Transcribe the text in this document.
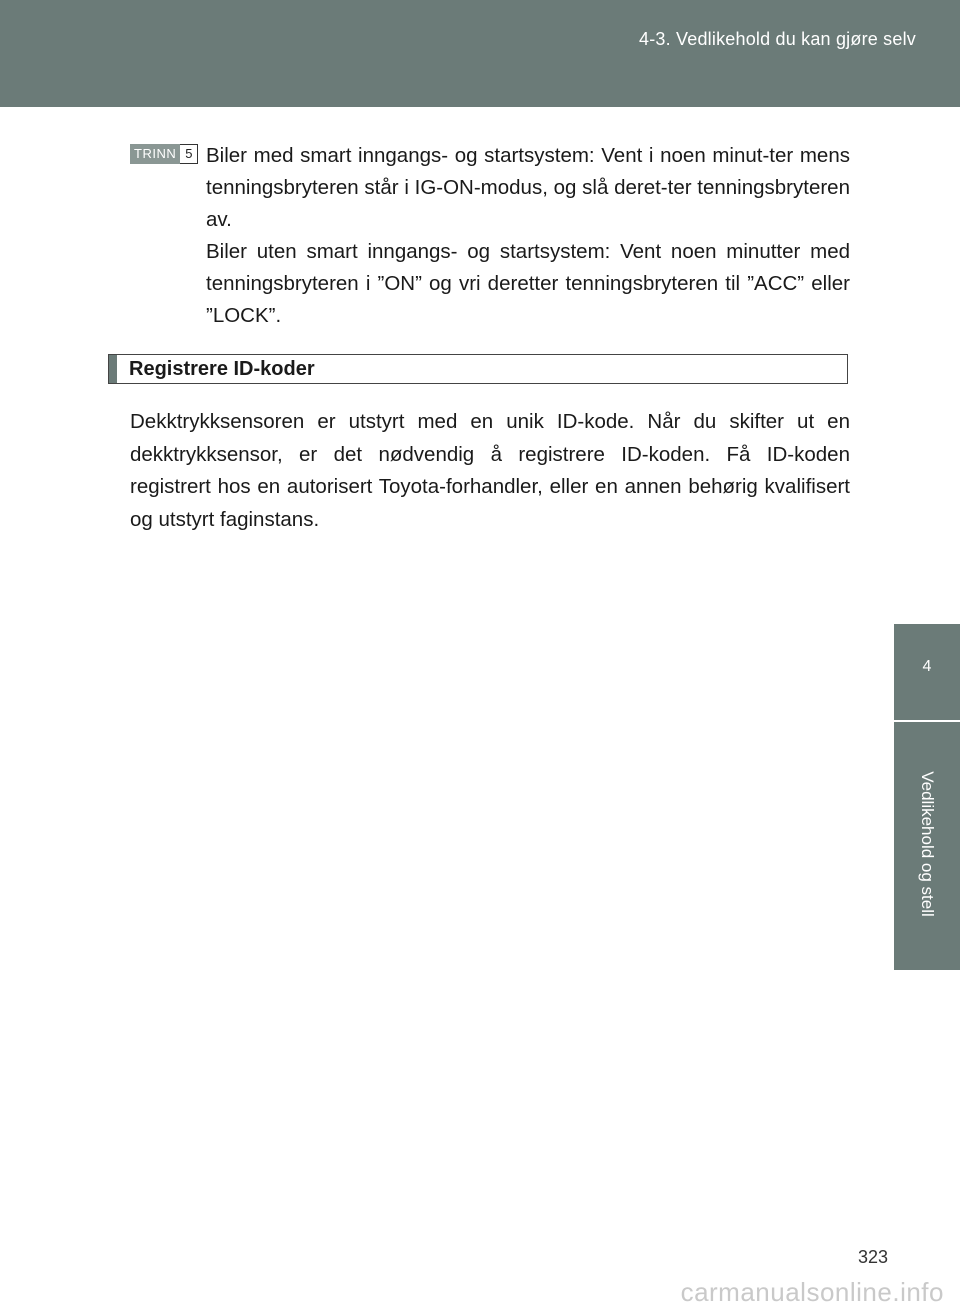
4-3. Vedlikehold du kan gjøre selv
4
Vedlikehold og stell
TRINN 5 Biler med smart inngangs- og startsystem: Vent i noen minut-ter mens tenningsbryteren står i IG-ON-modus, og slå deret-ter tenningsbryteren av.

Biler uten smart inngangs- og startsystem: Vent noen minutter med tenningsbryteren i ”ON” og vri deretter tenningsbryteren til ”ACC” eller ”LOCK”.

Registrere ID-koder

Dekktrykksensoren er utstyrt med en unik ID-kode. Når du skifter ut en dekktrykksensor, er det nødvendig å registrere ID-koden. Få ID-koden registrert hos en autorisert Toyota-forhandler, eller en annen behørig kvalifisert og utstyrt faginstans.

323
carmanualsonline.info
